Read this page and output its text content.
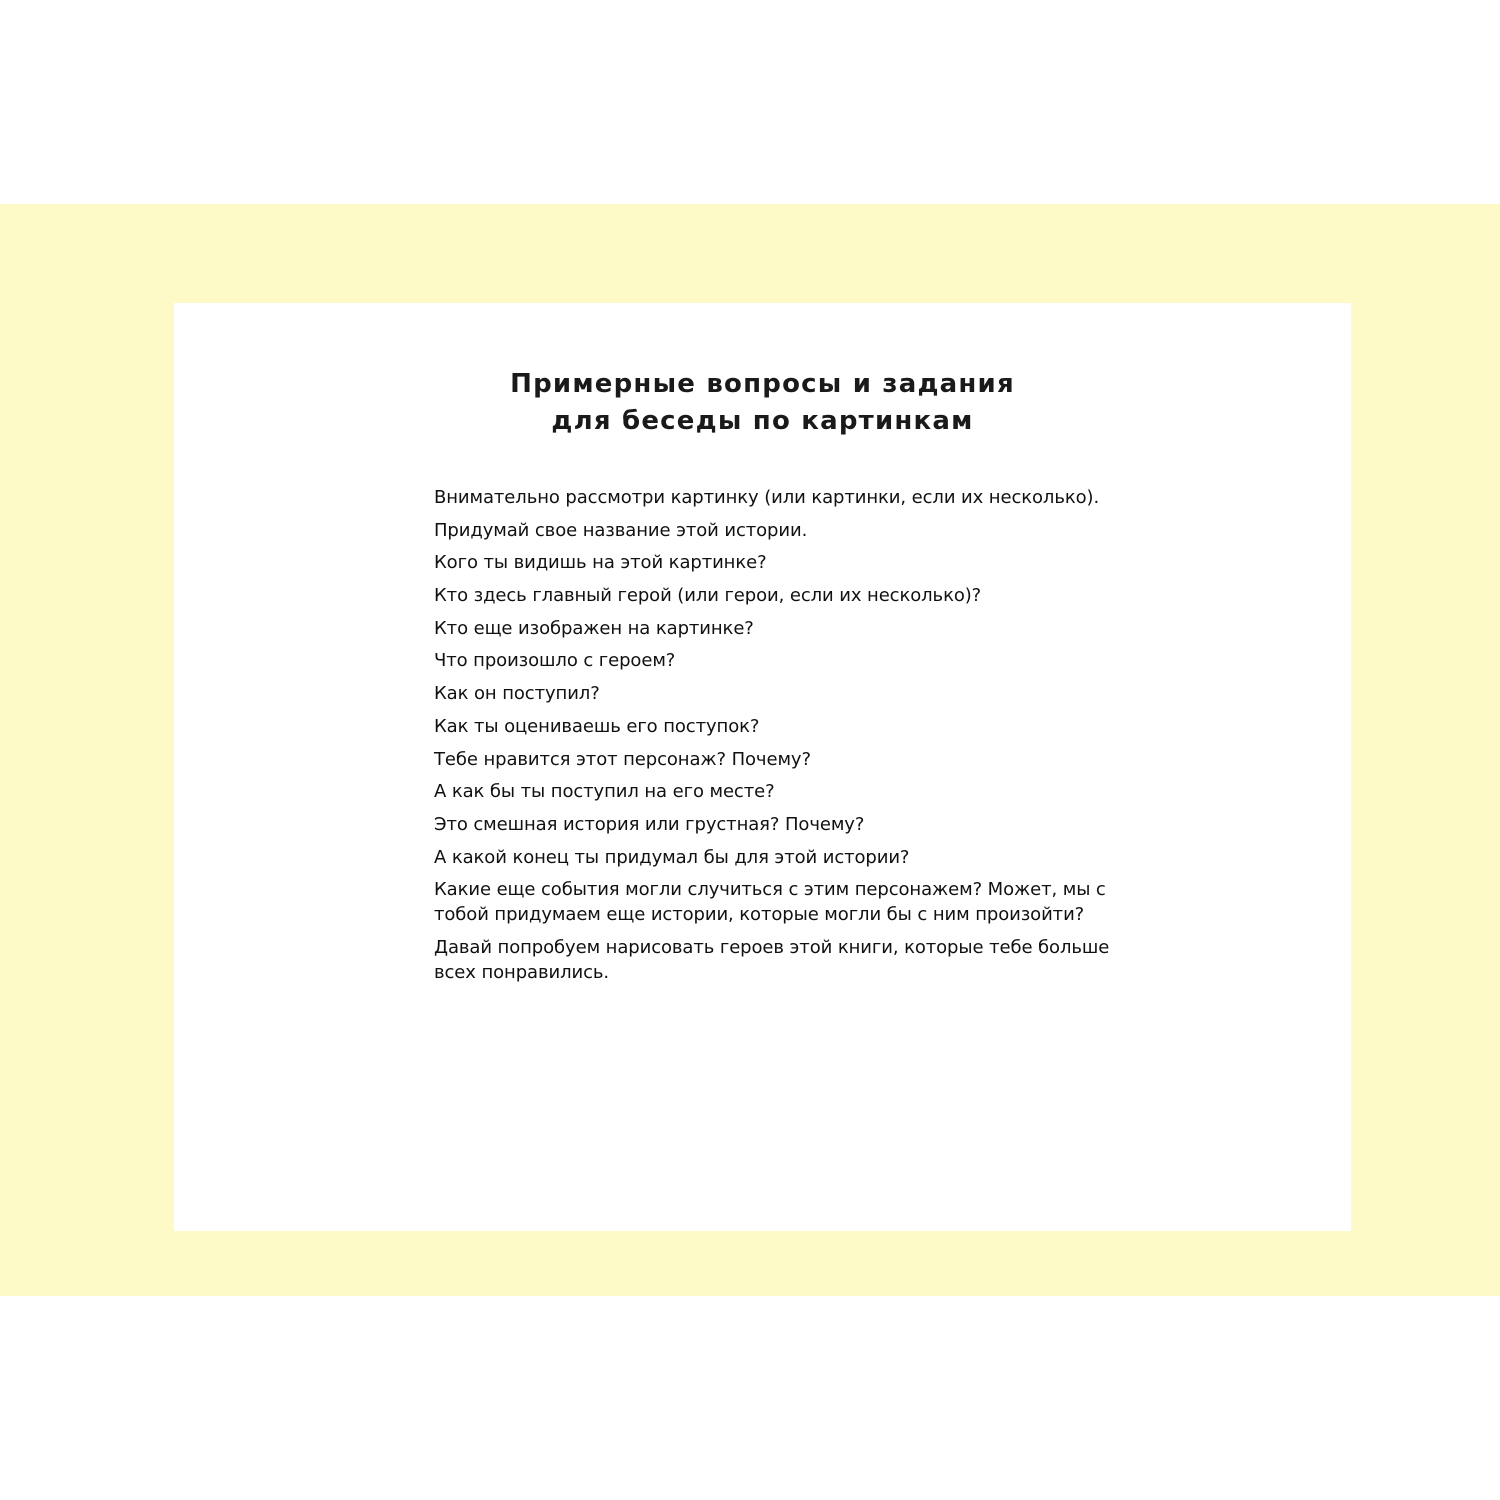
Примерные вопросы и задания
для беседы по картинкам
Внимательно рассмотри картинку (или картинки, если их несколько).
Придумай свое название этой истории.
Кого ты видишь на этой картинке?
Кто здесь главный герой (или герои, если их несколько)?
Кто еще изображен на картинке?
Что произошло с героем?
Как он поступил?
Как ты оцениваешь его поступок?
Тебе нравится этот персонаж? Почему?
А как бы ты поступил на его месте?
Это смешная история или грустная? Почему?
А какой конец ты придумал бы для этой истории?
Какие еще события могли случиться с этим персонажем? Может, мы с тобой придумаем еще истории, которые могли бы с ним произойти?
Давай попробуем нарисовать героев этой книги, которые тебе больше всех понравились.
